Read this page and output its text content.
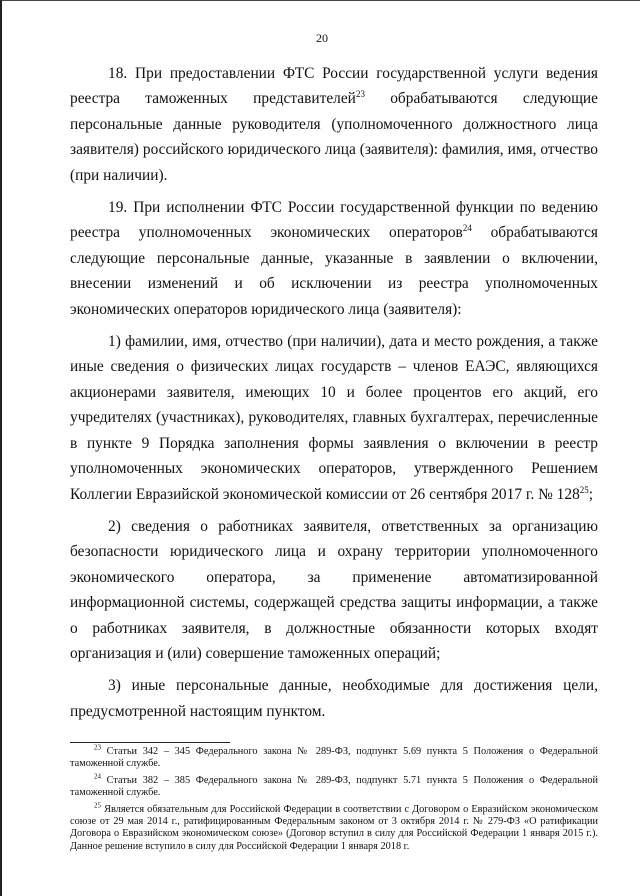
20

18. При предоставлении ФТС России государственной услуги ведения реестра таможенных представителей$^{23}$ обрабатываются следующие персональные данные руководителя (уполномоченного должностного лица заявителя) российского юридического лица (заявителя): фамилия, имя, отчество (при наличии).

19. При исполнении ФТС России государственной функции по ведению реестра уполномоченных экономических операторов$^{24}$ обрабатываются следующие персональные данные, указанные в заявлении о включении, внесении изменений и об исключении из реестра уполномоченных экономических операторов юридического лица (заявителя):

1) фамилии, имя, отчество (при наличии), дата и место рождения, а также иные сведения о физических лицах государств – членов ЕАЭС, являющихся акционерами заявителя, имеющих 10 и более процентов его акций, его учредителях (участниках), руководителях, главных бухгалтерах, перечисленные в пункте 9 Порядка заполнения формы заявления о включении в реестр уполномоченных экономических операторов, утвержденного Решением Коллегии Евразийской экономической комиссии от 26 сентября 2017 г. № $128^{25}$;

2) сведения о работниках заявителя, ответственных за организацию безопасности юридического лица и охрану территории уполномоченного экономического оператора, за применение автоматизированной информационной системы, содержащей средства защиты информации, а также о работниках заявителя, в должностные обязанности которых входят организация и (или) совершение таможенных операций;

3) иные персональные данные, необходимые для достижения цели, предусмотренной настоящим пунктом.

$^{23}$ Статьи 342 – 345 Федерального закона № 289-ФЗ, подпункт 5.69 пункта 5 Положения о Федеральной таможенной службе.

$^{24}$ Статьи 382 – 385 Федерального закона № 289-ФЗ, подпункт 5.71 пункта 5 Положения о Федеральной таможенной службе.

$^{25}$ Является обязательным для Российской Федерации в соответствии с Договором о Евразийском экономическом союзе от 29 мая 2014 г., ратифицированным Федеральным законом от 3 октября 2014 г. № 279-ФЗ «О ратификации Договора о Евразийском экономическом союзе» (Договор вступил в силу для Российской Федерации 1 января 2015 г.). Данное решение вступило в силу для Российской Федерации 1 января 2018 г.
